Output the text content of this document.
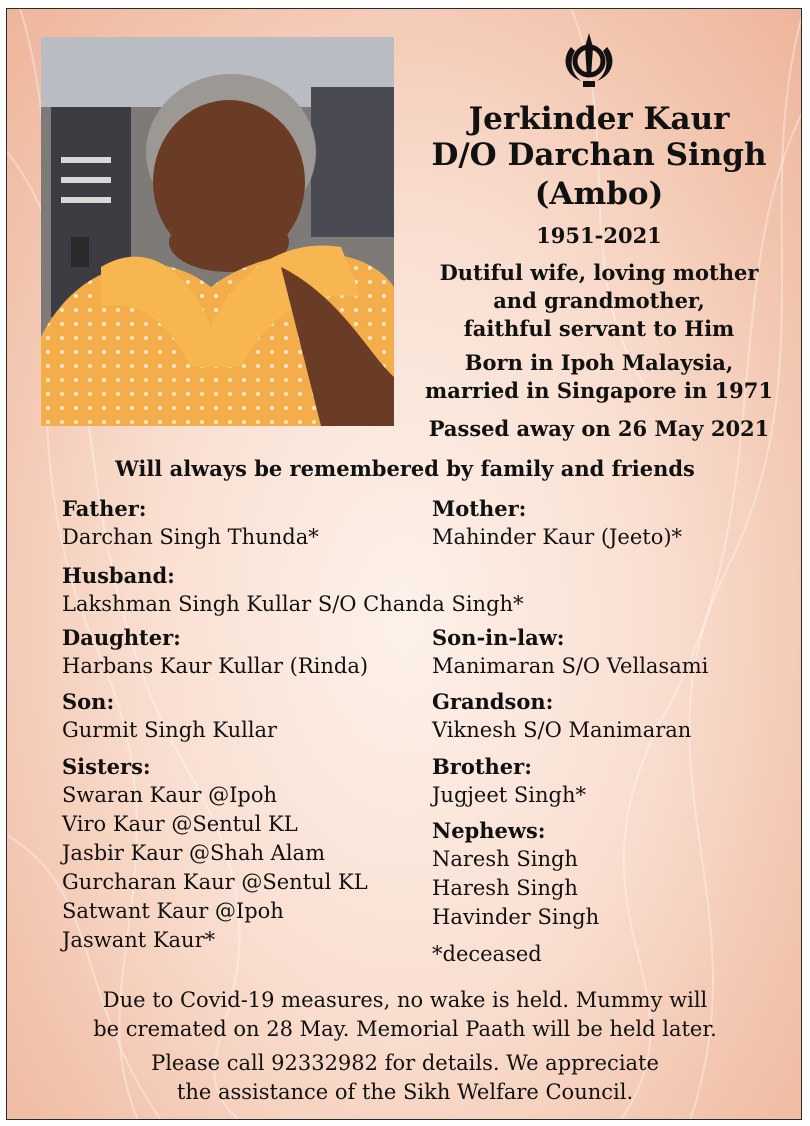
Jerkinder Kaur
D/O Darchan Singh
(Ambo)
1951-2021
Dutiful wife, loving mother
and grandmother,
faithful servant to Him
Born in Ipoh Malaysia,
married in Singapore in 1971
Passed away on 26 May 2021
Will always be remembered by family and friends
Father:
Darchan Singh Thunda*
Mother:
Mahinder Kaur (Jeeto)*
Husband:
Lakshman Singh Kullar S/O Chanda Singh*
Daughter:
Harbans Kaur Kullar (Rinda)
Son-in-law:
Manimaran S/O Vellasami
Son:
Gurmit Singh Kullar
Grandson:
Viknesh S/O Manimaran
Sisters:
Swaran Kaur @Ipoh
Viro Kaur @Sentul KL
Jasbir Kaur @Shah Alam
Gurcharan Kaur @Sentul KL
Satwant Kaur @Ipoh
Jaswant Kaur*
Brother:
Jugjeet Singh*
Nephews:
Naresh Singh
Haresh Singh
Havinder Singh
*deceased
Due to Covid-19 measures, no wake is held. Mummy will
be cremated on 28 May. Memorial Paath will be held later.
Please call 92332982 for details. We appreciate
the assistance of the Sikh Welfare Council.
